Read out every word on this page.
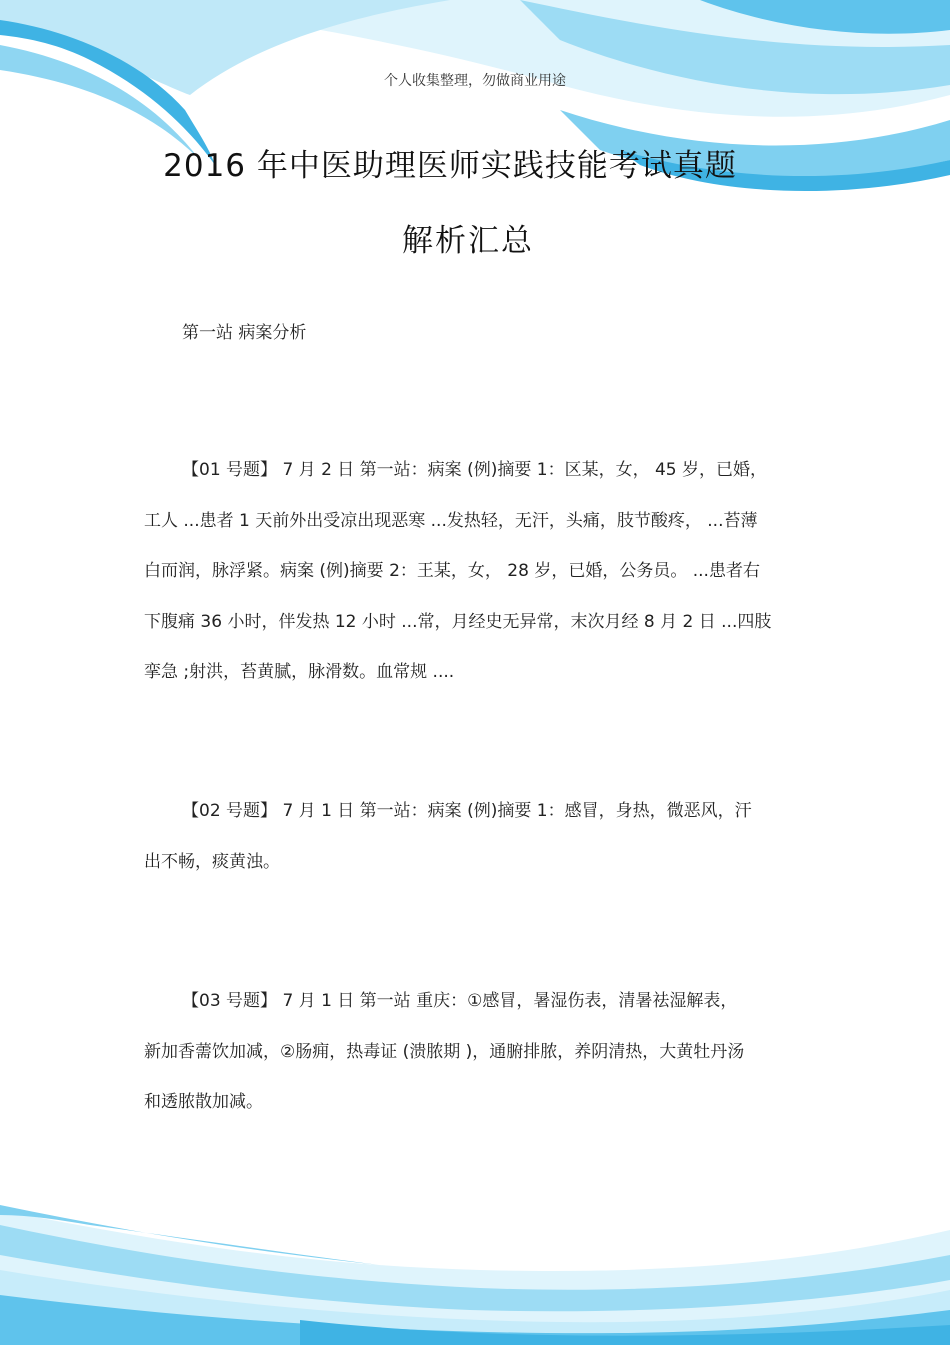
个人收集整理，勿做商业用途
2016 年中医助理医师实践技能考试真题
解析汇总
第一站 病案分析
【01 号题】 7 月 2 日 第一站：病案 (例)摘要 1：区某，女， 45 岁，已婚，
工人 ...患者 1 天前外出受凉出现恶寒 ...发热轻，无汗，头痛，肢节酸疼， ...苔薄
白而润，脉浮紧。病案 (例)摘要 2：王某，女， 28 岁，已婚，公务员。 ...患者右
下腹痛 36 小时，伴发热 12 小时 ...常，月经史无异常，末次月经 8 月 2 日 ...四肢
挛急 ;射洪，苔黄腻，脉滑数。血常规 ....
【02 号题】 7 月 1 日 第一站：病案 (例)摘要 1：感冒，身热，微恶风，汗
出不畅，痰黄浊。
【03 号题】 7 月 1 日 第一站 重庆：①感冒，暑湿伤表，清暑祛湿解表，
新加香薷饮加减，②肠痈，热毒证 (溃脓期 )，通腑排脓，养阴清热，大黄牡丹汤
和透脓散加减。
